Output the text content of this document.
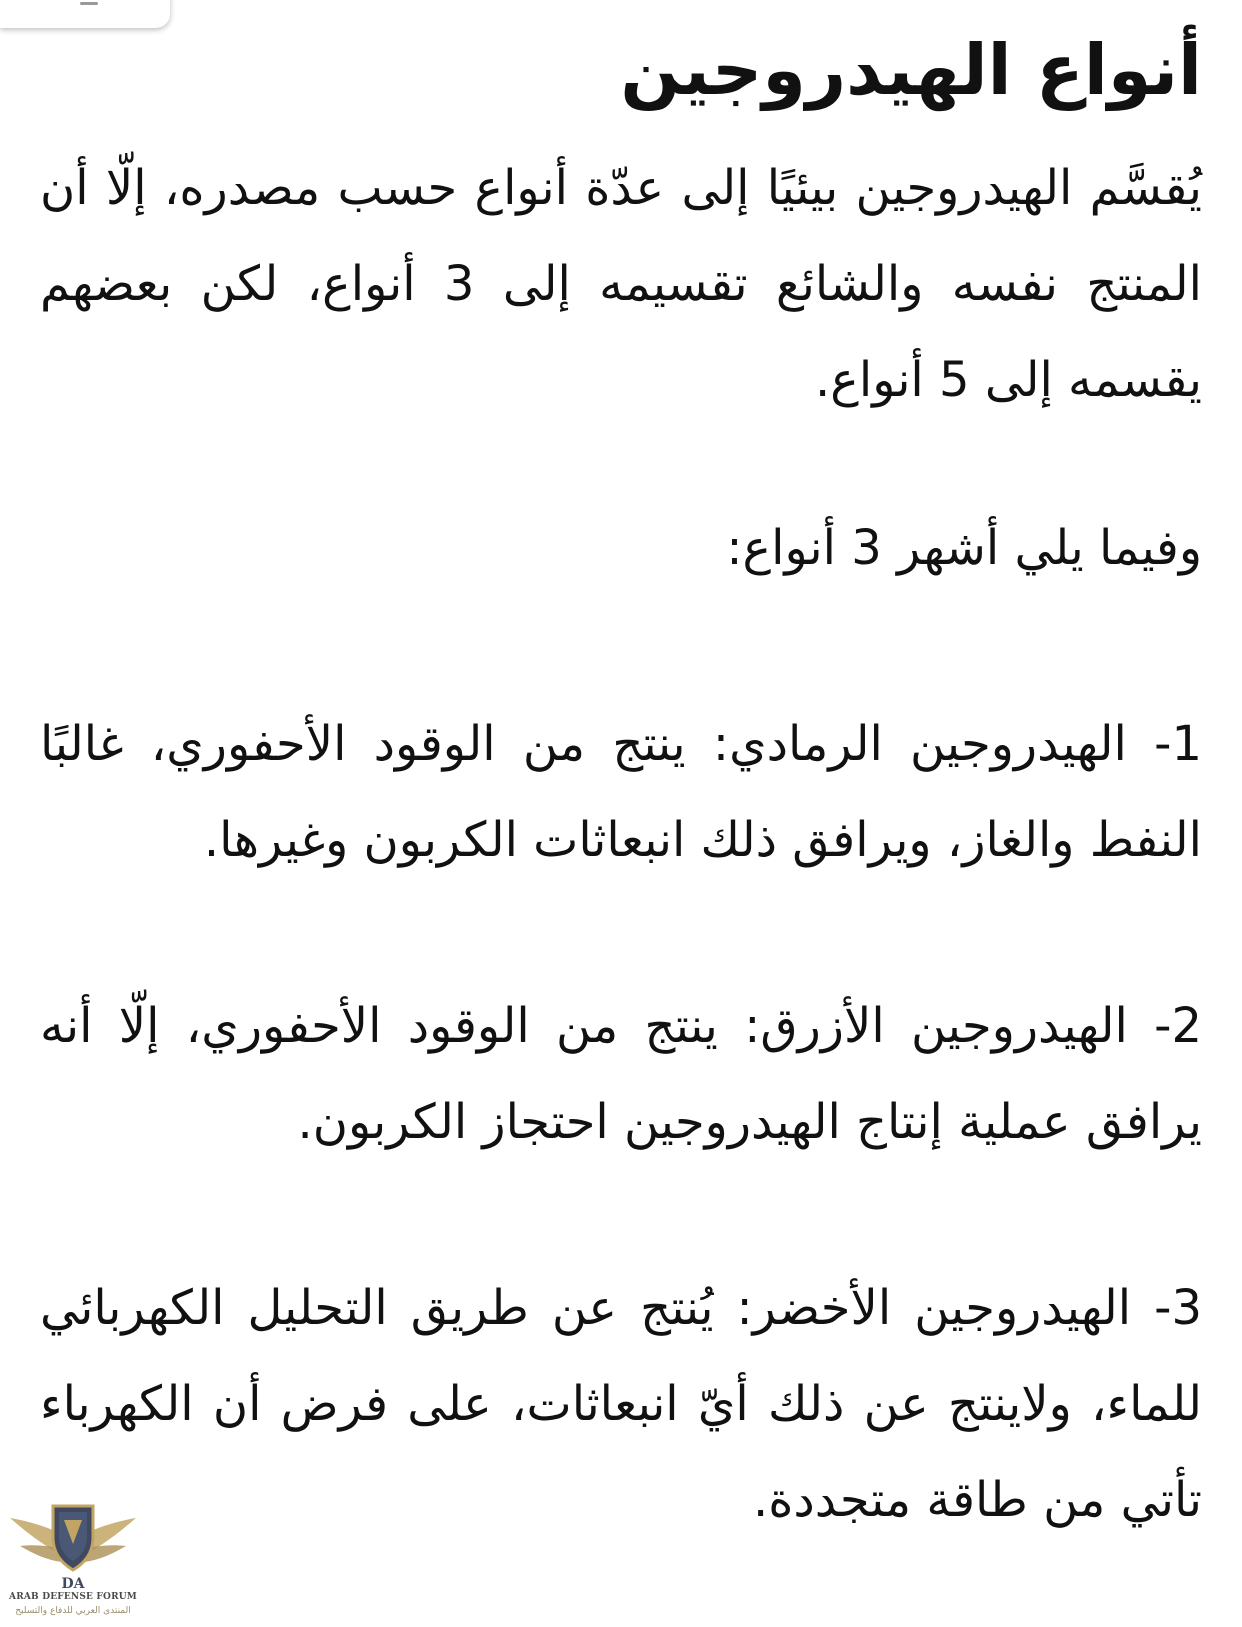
أنواع الهيدروجين

يُقسَّم الهيدروجين بيئيًا إلى عدّة أنواع حسب مصدره، إلّا أن المنتج نفسه والشائع تقسيمه إلى 3 أنواع، لكن بعضهم يقسمه إلى 5 أنواع.

وفيما يلي أشهر 3 أنواع:

1- الهيدروجين الرمادي: ينتج من الوقود الأحفوري، غالبًا النفط والغاز، ويرافق ذلك انبعاثات الكربون وغيرها.

2- الهيدروجين الأزرق: ينتج من الوقود الأحفوري، إلّا أنه يرافق عملية إنتاج الهيدروجين احتجاز الكربون.

3- الهيدروجين الأخضر: يُنتج عن طريق التحليل الكهربائي للماء، ولاينتج عن ذلك أيّ انبعاثات، على فرض أن الكهرباء تأتي من طاقة متجددة.

DA
ARAB DEFENSE FORUM
المنتدى العربي للدفاع والتسليح
